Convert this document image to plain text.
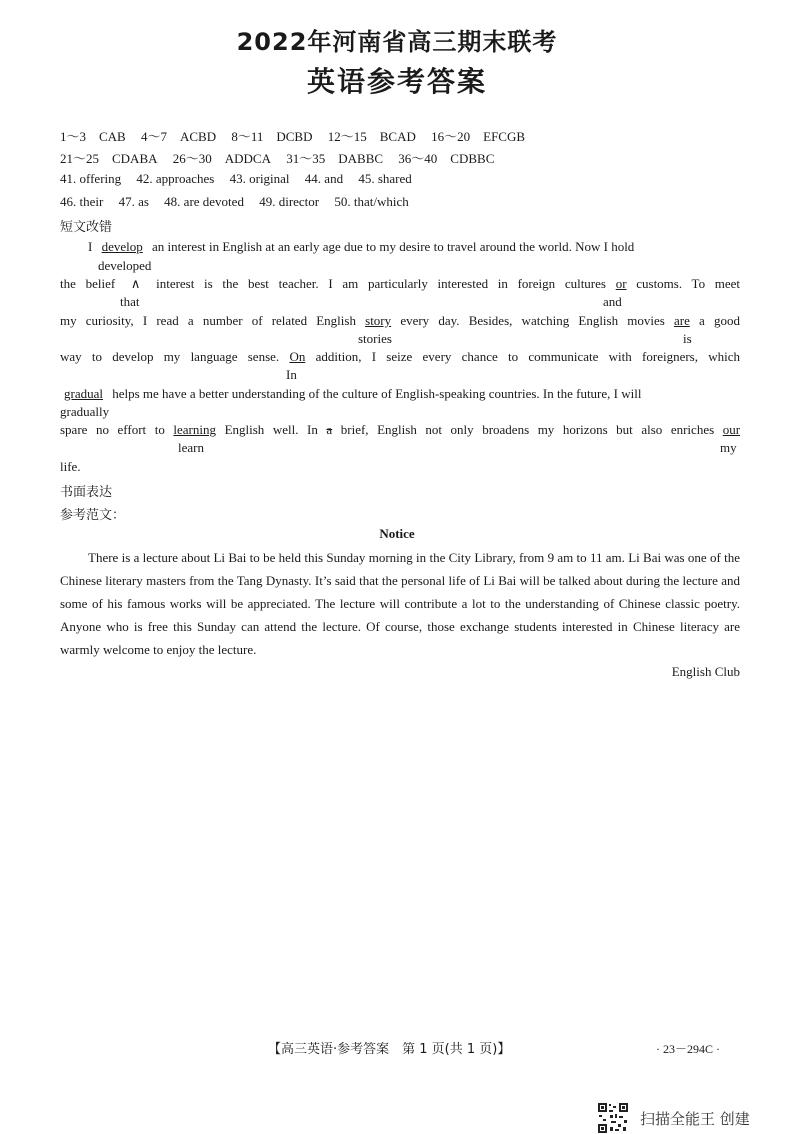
2022年河南省高三期末联考
英语参考答案
1～3　CAB 4～7　ACBD 8～11　DCBD 12～15　BCAD 16～20　EFCGB
21～25　CDABA 26～30　ADDCA 31～35　DABBC 36～40　CDBBC
41. offering 42. approaches 43. original 44. and 45. shared
46. their 47. as 48. are devoted 49. director 50. that/which
短文改错
I develop an interest in English at an early age due to my desire to travel around the world. Now I hold
developed
the belief ∧ interest is the best teacher. I am particularly interested in foreign cultures or customs. To meet
that	and
my curiosity, I read a number of related English story every day. Besides, watching English movies are a good
stories	is
way to develop my language sense. On addition, I seize every chance to communicate with foreigners, which
In
gradual helps me have a better understanding of the culture of English-speaking countries. In the future, I will
gradually
spare no effort to learning English well. In a brief, English not only broadens my horizons but also enriches our
learn	my
life.
书面表达
参考范文：
Notice
There is a lecture about Li Bai to be held this Sunday morning in the City Library, from 9 am to 11 am. Li Bai was one of the Chinese literary masters from the Tang Dynasty. It’s said that the personal life of Li Bai will be talked about during the lecture and some of his famous works will be appreciated. The lecture will contribute a lot to the understanding of Chinese classic poetry. Anyone who is free this Sunday can attend the lecture. Of course, those exchange students interested in Chinese literacy are warmly welcome to enjoy the lecture.
English Club
【高三英语·参考答案　第 1 页(共 1 页)】	· 23－294C ·
扫描全能王 创建
